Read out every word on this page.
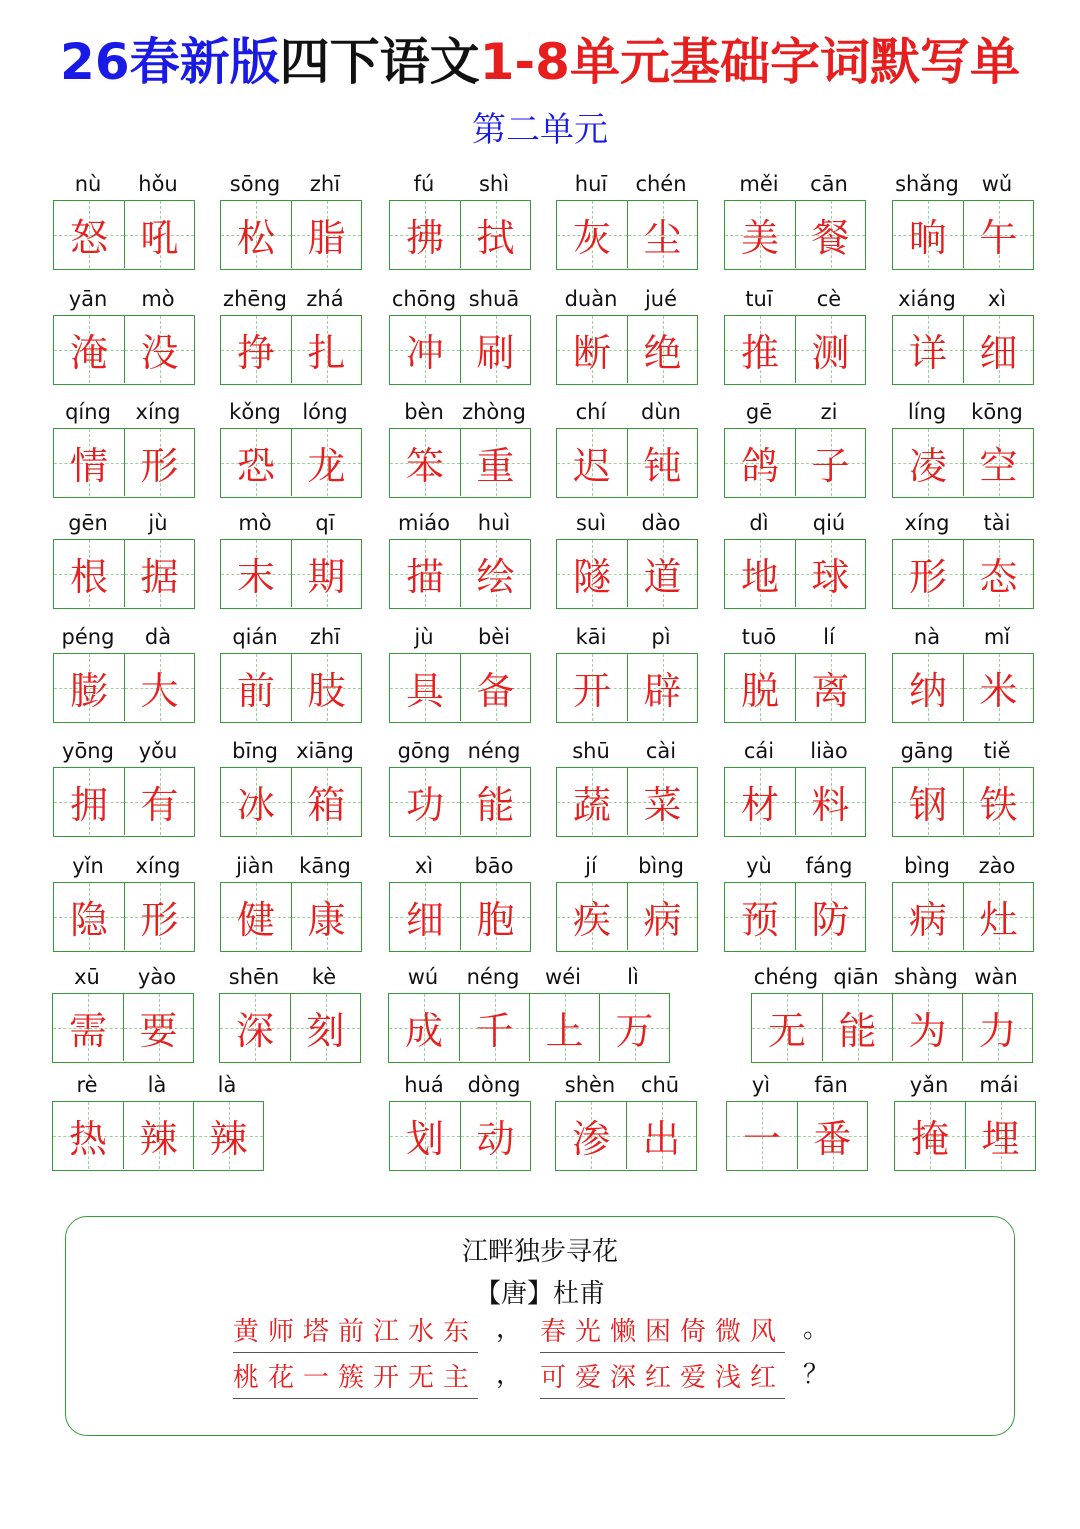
26春新版四下语文1-8单元基础字词默写单
第二单元
nù	hǒu
怒 吼
sōng	zhī
松 脂
fú	shì
拂 拭
huī	chén
灰 尘
měi	cān
美 餐
shǎng	wǔ
晌 午
yān	mò
淹 没
zhēng zhá
挣 扎
chōng shuā
冲 刷
duàn	jué
断 绝
tuī	cè
推 测
xiáng	xì
详 细
qíng	xíng
情 形
kǒng	lóng
恐 龙
bèn zhòng
笨 重
chí	dùn
迟 钝
gē	zi
鸽 子
líng	kōng
凌 空
gēn	jù
根 据
mò	qī
末 期
miáo	huì
描 绘
suì	dào
隧 道
dì	qiú
地 球
xíng	tài
形 态
péng	dà
膨 大
qián	zhī
前 肢
jù	bèi
具 备
kāi	pì
开 辟
tuō	lí
脱 离
nà	mǐ
纳 米
yōng	yǒu
拥 有
bīng xiāng
冰 箱
gōng néng
功 能
shū	cài
蔬 菜
cái	liào
材 料
gāng	tiě
钢 铁
yǐn	xíng
隐 形
jiàn	kāng
健 康
xì	bāo
细 胞
jí	bìng
疾 病
yù	fáng
预 防
bìng	zào
病 灶
xū	yào
需 要
shēn	kè
深 刻
wú	néng	wéi	lì
成 千 上 万
chéng qiān shàng wàn
无 能 为 力
rè	là	là
热 辣 辣
huá	dòng
划 动
shèn	chū
渗 出
yì	fān
一 番
yǎn	mái
掩 埋
江畔独步寻花
【唐】杜甫
黄师塔前江水东 ， 春光懒困倚微风 。
桃花一簇开无主 ， 可爱深红爱浅红 ？
